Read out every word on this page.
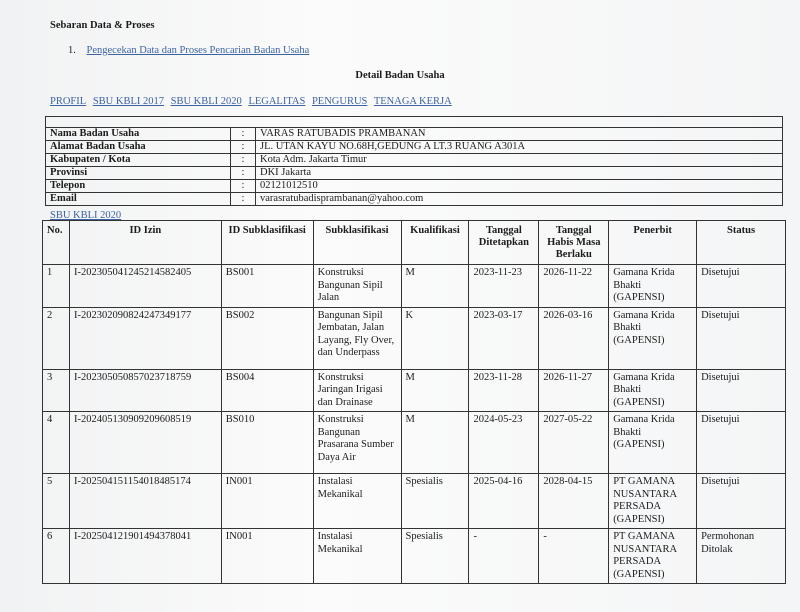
Sebaran Data & Proses
1. Pengecekan Data dan Proses Pencarian Badan Usaha
Detail Badan Usaha
PROFIL SBU KBLI 2017 SBU KBLI 2020 LEGALITAS PENGURUS TENAGA KERJA

Nama Badan Usaha	:	VARAS RATUBADIS PRAMBANAN
Alamat Badan Usaha	:	JL. UTAN KAYU NO.68H,GEDUNG A LT.3 RUANG A301A
Kabupaten / Kota	:	Kota Adm. Jakarta Timur
Provinsi	:	DKI Jakarta
Telepon	:	02121012510
Email	:	varasratubadisprambanan@yahoo.com
SBU KBLI 2020
No.	ID Izin	ID Subklasifikasi	Subklasifikasi	Kualifikasi	Tanggal Ditetapkan	Tanggal Habis Masa Berlaku	Penerbit	Status
1	I-202305041245214582405	BS001	Konstruksi Bangunan Sipil Jalan	M	2023-11-23	2026-11-22	Gamana Krida Bhakti (GAPENSI)	Disetujui
2	I-202302090824247349177	BS002	Bangunan Sipil Jembatan, Jalan Layang, Fly Over, dan Underpass	K	2023-03-17	2026-03-16	Gamana Krida Bhakti (GAPENSI)	Disetujui
3	I-202305050857023718759	BS004	Konstruksi Jaringan Irigasi dan Drainase	M	2023-11-28	2026-11-27	Gamana Krida Bhakti (GAPENSI)	Disetujui
4	I-202405130909209608519	BS010	Konstruksi Bangunan Prasarana Sumber Daya Air	M	2024-05-23	2027-05-22	Gamana Krida Bhakti (GAPENSI)	Disetujui
5	I-202504151154018485174	IN001	Instalasi Mekanikal	Spesialis	2025-04-16	2028-04-15	PT GAMANA NUSANTARA PERSADA (GAPENSI)	Disetujui
6	I-202504121901494378041	IN001	Instalasi Mekanikal	Spesialis	-	-	PT GAMANA NUSANTARA PERSADA (GAPENSI)	Permohonan Ditolak
